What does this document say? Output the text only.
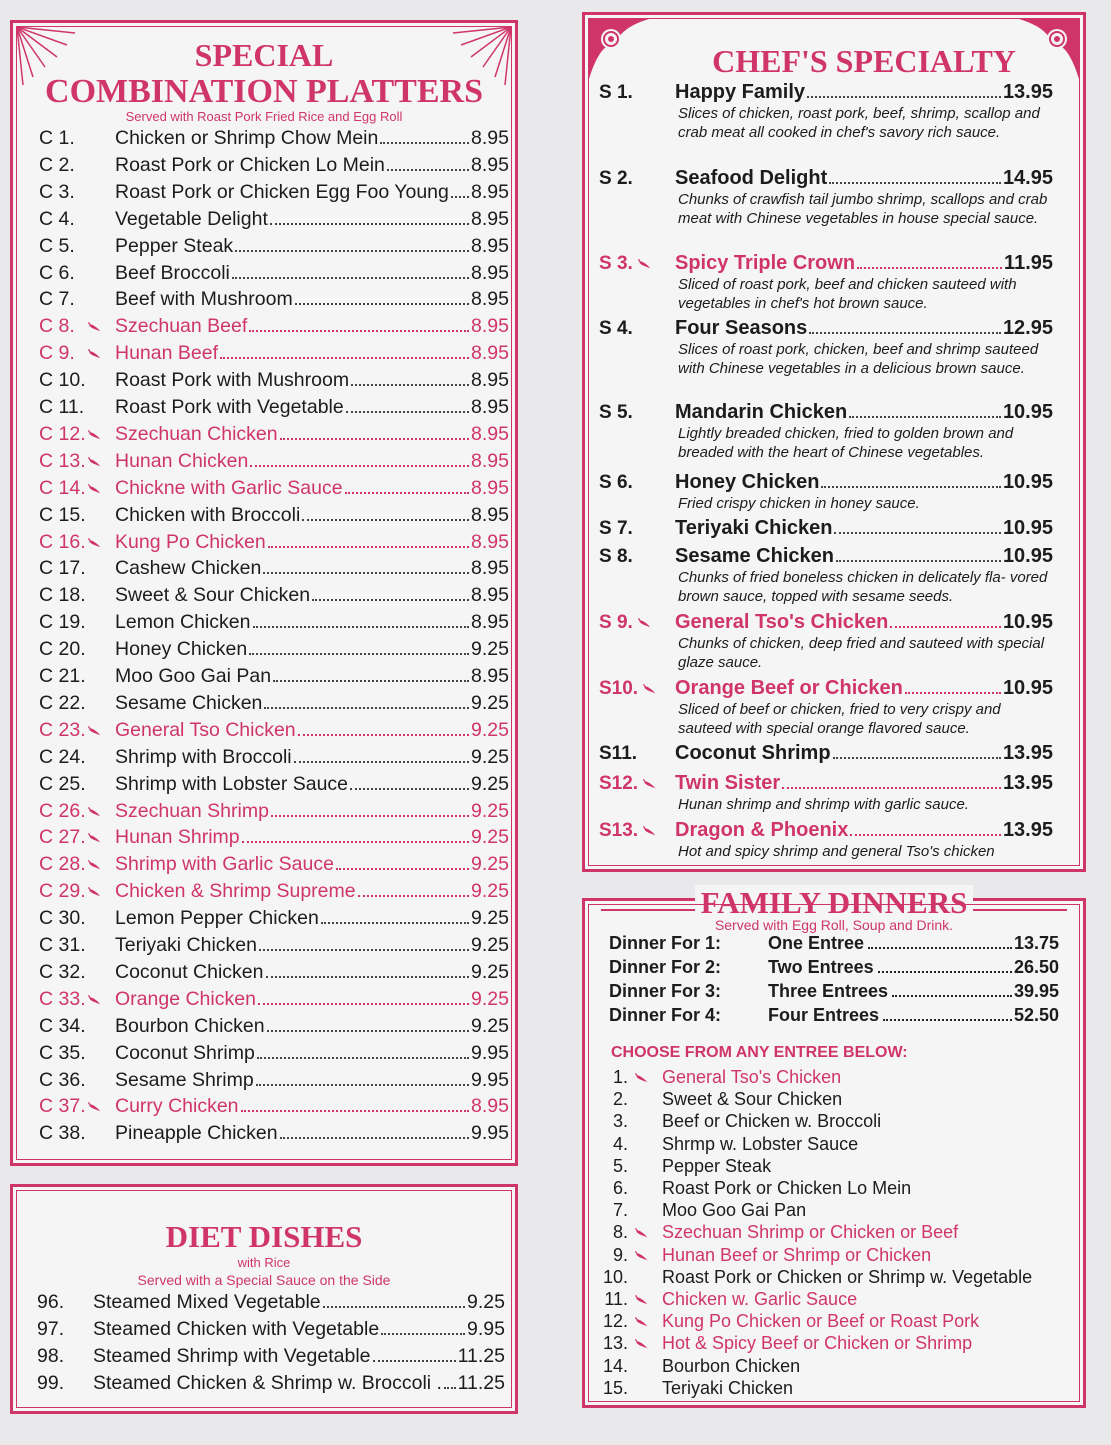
SPECIAL
COMBINATION PLATTERS
Served with Roast Pork Fried Rice and Egg Roll
C 1.	Chicken or Shrimp Chow Mein	8.95
C 2.	Roast Pork or Chicken Lo Mein	8.95
C 3.	Roast Pork or Chicken Egg Foo Young 8.95
C 4.	Vegetable Delight	8.95
C 5.	Pepper Steak	8.95
C 6.	Beef Broccoli	8.95
C 7.	Beef with Mushroom	8.95
C 8.	Szechuan Beef	8.95
C 9.	Hunan Beef	8.95
C 10.	Roast Pork with Mushroom	8.95
C 11.	Roast Pork with Vegetable	8.95
C 12.	Szechuan Chicken	8.95
C 13.	Hunan Chicken	8.95
C 14.	Chickne with Garlic Sauce	8.95
C 15.	Chicken with Broccoli	8.95
C 16.	Kung Po Chicken	8.95
C 17.	Cashew Chicken	8.95
C 18.	Sweet & Sour Chicken	8.95
C 19.	Lemon Chicken	8.95
C 20.	Honey Chicken	9.25
C 21.	Moo Goo Gai Pan	8.95
C 22.	Sesame Chicken	9.25
C 23.	General Tso Chicken	9.25
C 24.	Shrimp with Broccoli	9.25
C 25.	Shrimp with Lobster Sauce	9.25
C 26.	Szechuan Shrimp	9.25
C 27.	Hunan Shrimp	9.25
C 28.	Shrimp with Garlic Sauce	9.25
C 29.	Chicken & Shrimp Supreme	9.25
C 30.	Lemon Pepper Chicken	9.25
C 31.	Teriyaki Chicken	9.25
C 32.	Coconut Chicken	9.25
C 33.	Orange Chicken	9.25
C 34.	Bourbon Chicken	9.25
C 35.	Coconut Shrimp	9.95
C 36.	Sesame Shrimp	9.95
C 37.	Curry Chicken	8.95
C 38.	Pineapple Chicken	9.95
DIET DISHES
with Rice
Served with a Special Sauce on the Side
96.	Steamed Mixed Vegetable	9.25
97.	Steamed Chicken with Vegetable	9.95
98.	Steamed Shrimp with Vegetable	11.25
99.	Steamed Chicken & Shrimp w. Broccoli . 11.25
CHEF'S SPECIALTY
S 1.	Happy Family	13.95
Slices of chicken, roast pork, beef, shrimp, scallop and crab meat all cooked in chef's savory rich sauce.
S 2.	Seafood Delight	14.95
Chunks of crawfish tail jumbo shrimp, scallops and crab meat with Chinese vegetables in house special sauce.
S 3.	Spicy Triple Crown	11.95
Sliced of roast pork, beef and chicken sauteed with vegetables in chef's hot brown sauce.
S 4.	Four Seasons	12.95
Slices of roast pork, chicken, beef and shrimp sauteed with Chinese vegetables in a delicious brown sauce.
S 5.	Mandarin Chicken	10.95
Lightly breaded chicken, fried to golden brown and breaded with the heart of Chinese vegetables.
S 6.	Honey Chicken	10.95
Fried crispy chicken in honey sauce.
S 7.	Teriyaki Chicken	10.95
S 8.	Sesame Chicken	10.95
Chunks of fried boneless chicken in delicately fla- vored brown sauce, topped with sesame seeds.
S 9.	General Tso's Chicken	10.95
Chunks of chicken, deep fried and sauteed with special glaze sauce.
S10.	Orange Beef or Chicken	10.95
Sliced of beef or chicken, fried to very crispy and sauteed with special orange flavored sauce.
S11.	Coconut Shrimp	13.95
S12.	Twin Sister	13.95
Hunan shrimp and shrimp with garlic sauce.
S13.	Dragon & Phoenix	13.95
Hot and spicy shrimp and general Tso's chicken
FAMILY DINNERS
Served with Egg Roll, Soup and Drink.
Dinner For 1:	One Entree	13.75
Dinner For 2:	Two Entrees	26.50
Dinner For 3:	Three Entrees	39.95
Dinner For 4:	Four Entrees	52.50
CHOOSE FROM ANY ENTREE BELOW:
1. General Tso's Chicken
2. Sweet & Sour Chicken
3. Beef or Chicken w. Broccoli
4. Shrmp w. Lobster Sauce
5. Pepper Steak
6. Roast Pork or Chicken Lo Mein
7. Moo Goo Gai Pan
8. Szechuan Shrimp or Chicken or Beef
9. Hunan Beef or Shrimp or Chicken
10. Roast Pork or Chicken or Shrimp w. Vegetable
11. Chicken w. Garlic Sauce
12. Kung Po Chicken or Beef or Roast Pork
13. Hot & Spicy Beef or Chicken or Shrimp
14. Bourbon Chicken
15. Teriyaki Chicken
